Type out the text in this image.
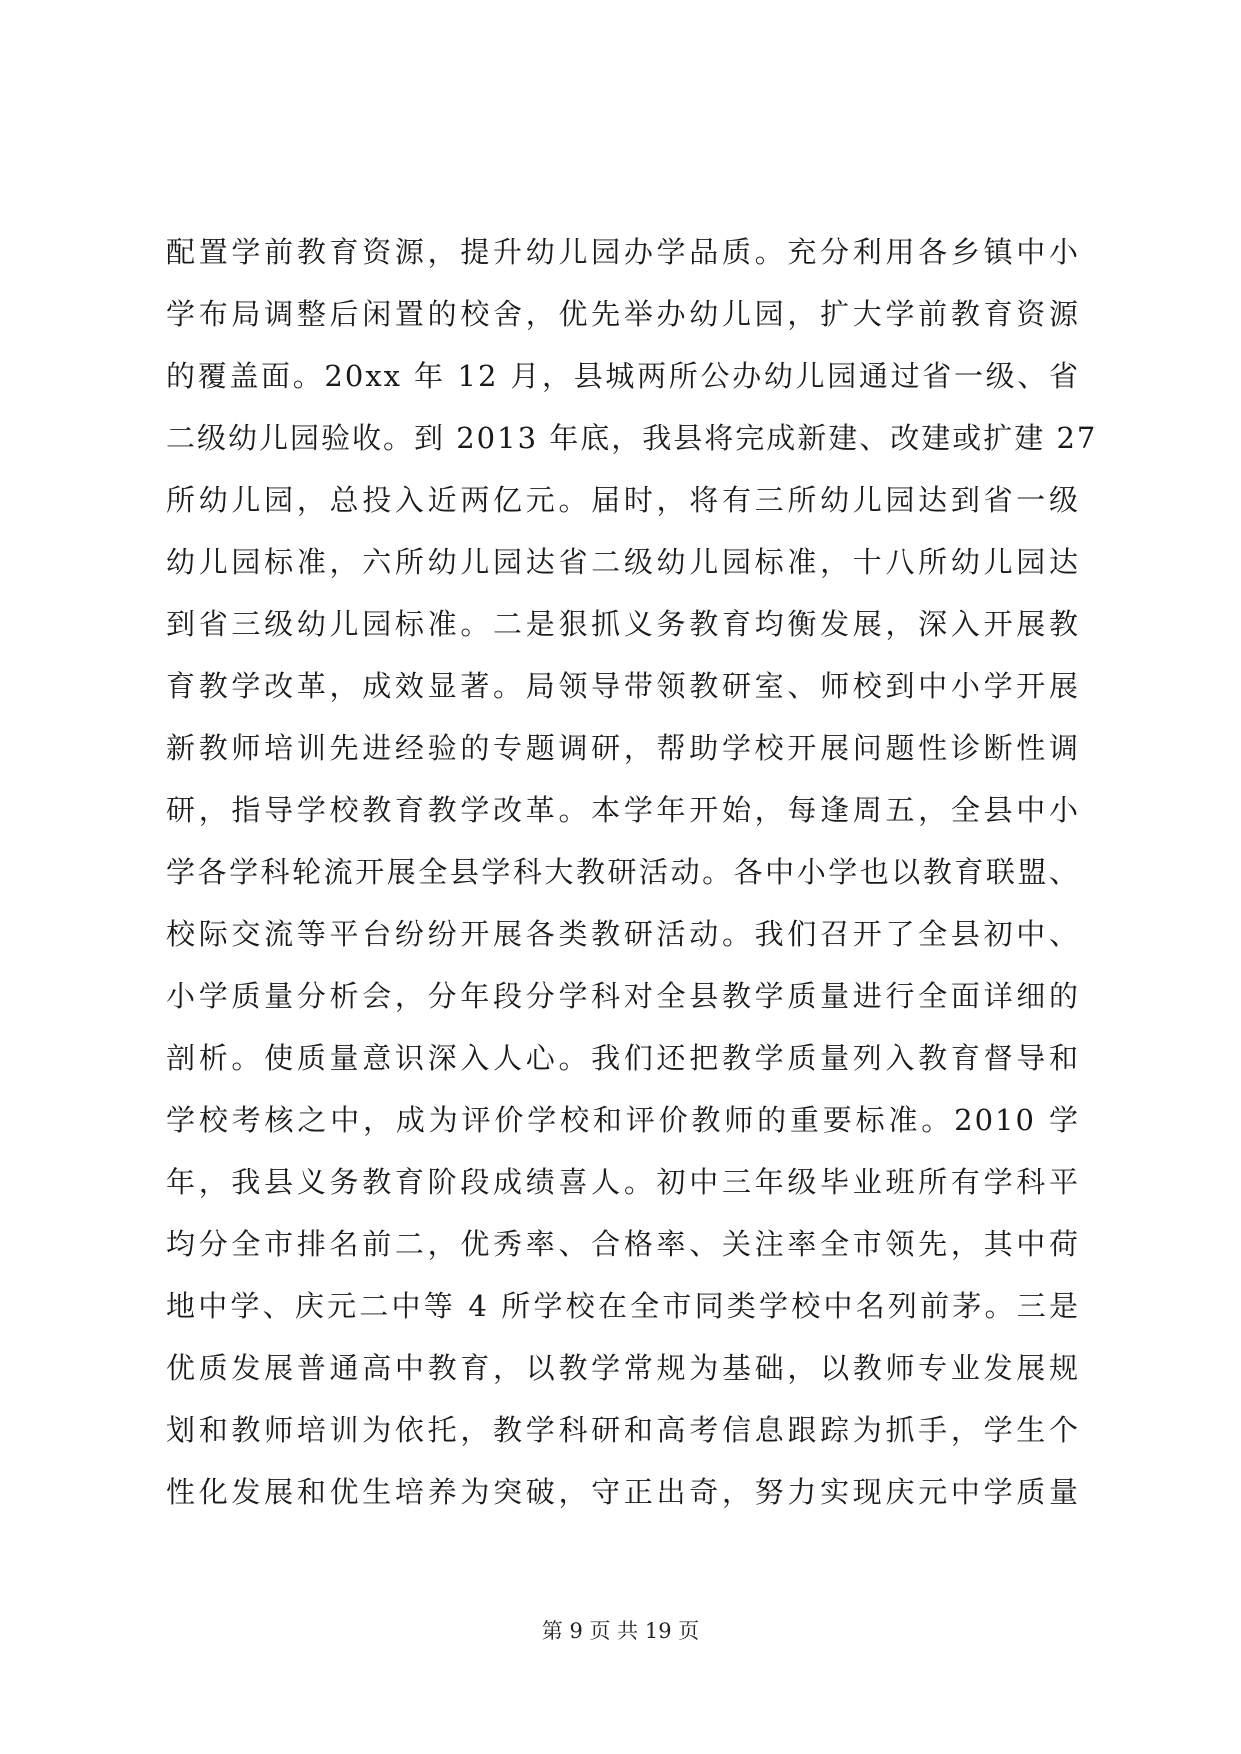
配置学前教育资源，提升幼儿园办学品质。充分利用各乡镇中小
学布局调整后闲置的校舍，优先举办幼儿园，扩大学前教育资源
的覆盖面。20xx 年 12 月，县城两所公办幼儿园通过省一级、省
二级幼儿园验收。到 2013 年底，我县将完成新建、改建或扩建 27
所幼儿园，总投入近两亿元。届时，将有三所幼儿园达到省一级
幼儿园标准，六所幼儿园达省二级幼儿园标准，十八所幼儿园达
到省三级幼儿园标准。二是狠抓义务教育均衡发展，深入开展教
育教学改革，成效显著。局领导带领教研室、师校到中小学开展
新教师培训先进经验的专题调研，帮助学校开展问题性诊断性调
研，指导学校教育教学改革。本学年开始，每逢周五，全县中小
学各学科轮流开展全县学科大教研活动。各中小学也以教育联盟、
校际交流等平台纷纷开展各类教研活动。我们召开了全县初中、
小学质量分析会，分年段分学科对全县教学质量进行全面详细的
剖析。使质量意识深入人心。我们还把教学质量列入教育督导和
学校考核之中，成为评价学校和评价教师的重要标准。2010 学
年，我县义务教育阶段成绩喜人。初中三年级毕业班所有学科平
均分全市排名前二，优秀率、合格率、关注率全市领先，其中荷
地中学、庆元二中等 4 所学校在全市同类学校中名列前茅。三是
优质发展普通高中教育，以教学常规为基础，以教师专业发展规
划和教师培训为依托，教学科研和高考信息跟踪为抓手，学生个
性化发展和优生培养为突破，守正出奇，努力实现庆元中学质量
第 9 页 共 19 页
